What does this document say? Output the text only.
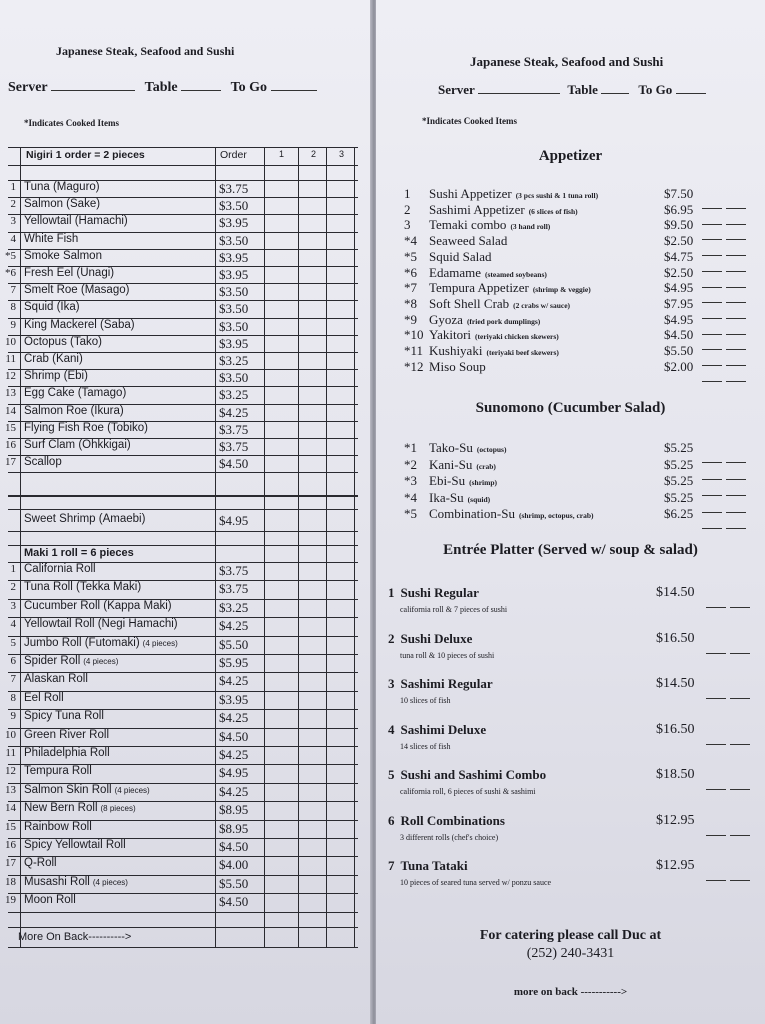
Japanese Steak, Seafood and Sushi
Server	Table	To Go
*Indicates Cooked Items
Nigiri 1 order = 2 pieces	Order	1	2	3
1 Tuna (Maguro)	$3.75
2 Salmon (Sake)	$3.50
3 Yellowtail (Hamachi)	$3.95
4 White Fish	$3.50
*5 Smoke Salmon	$3.95
*6 Fresh Eel (Unagi)	$3.95
7 Smelt Roe (Masago)	$3.50
8 Squid (Ika)	$3.50
9 King Mackerel (Saba)	$3.50
10 Octopus (Tako)	$3.95
11 Crab (Kani)	$3.25
12 Shrimp (Ebi)	$3.50
13 Egg Cake (Tamago)	$3.25
14 Salmon Roe (Ikura)	$4.25
15 Flying Fish Roe (Tobiko)	$3.75
16 Surf Clam (Ohkkigai)	$3.75
17 Scallop	$4.50
Sweet Shrimp (Amaebi)	$4.95
Maki 1 roll = 6 pieces
1 California Roll	$3.75
2 Tuna Roll (Tekka Maki)	$3.75
3 Cucumber Roll (Kappa Maki)	$3.25
4 Yellowtail Roll (Negi Hamachi)	$4.25
5 Jumbo Roll (Futomaki) (4 pieces)	$5.50
6 Spider Roll (4 pieces)	$5.95
7 Alaskan Roll	$4.25
8 Eel Roll	$3.95
9 Spicy Tuna Roll	$4.25
10 Green River Roll	$4.50
11 Philadelphia Roll	$4.25
12 Tempura Roll	$4.95
13 Salmon Skin Roll (4 pieces)	$4.25
14 New Bern Roll (8 pieces)	$8.95
15 Rainbow Roll	$8.95
16 Spicy Yellowtail Roll	$4.50
17 Q-Roll	$4.00
18 Musashi Roll (4 pieces)	$5.50
19 Moon Roll	$4.50
More On Back---------->
Japanese Steak, Seafood and Sushi
Server	Table	To Go
*Indicates Cooked Items
Appetizer
1	Sushi Appetizer (3 pcs sushi & 1 tuna roll)	$7.50
2	Sashimi Appetizer (6 slices of fish)	$6.95
3	Temaki combo (3 hand roll)	$9.50
*4 Seaweed Salad	$2.50
*5 Squid Salad	$4.75
*6 Edamame (steamed soybeans)	$2.50
*7 Tempura Appetizer (shrimp & veggie)	$4.95
*8 Soft Shell Crab (2 crabs w/ sauce)	$7.95
*9 Gyoza (fried pork dumplings)	$4.95
*10 Yakitori (teriyaki chicken skewers)	$4.50
*11 Kushiyaki (teriyaki beef skewers)	$5.50
*12 Miso Soup	$2.00
Sunomono (Cucumber Salad)
*1 Tako-Su (octopus)	$5.25
*2 Kani-Su (crab)	$5.25
*3 Ebi-Su (shrimp)	$5.25
*4 Ika-Su (squid)	$5.25
*5 Combination-Su (shrimp, octopus, crab)	$6.25
Entrée Platter (Served w/ soup & salad)
1 Sushi Regular	$14.50
california roll & 7 pieces of sushi
2 Sushi Deluxe	$16.50
tuna roll & 10 pieces of sushi
3 Sashimi Regular	$14.50
10 slices of fish
4 Sashimi Deluxe	$16.50
14 slices of fish
5 Sushi and Sashimi Combo	$18.50
california roll, 6 pieces of sushi & sashimi
6 Roll Combinations	$12.95
3 different rolls (chef's choice)
7 Tuna Tataki	$12.95
10 pieces of seared tuna served w/ ponzu sauce
For catering please call Duc at
(252) 240-3431
more on back ----------->
